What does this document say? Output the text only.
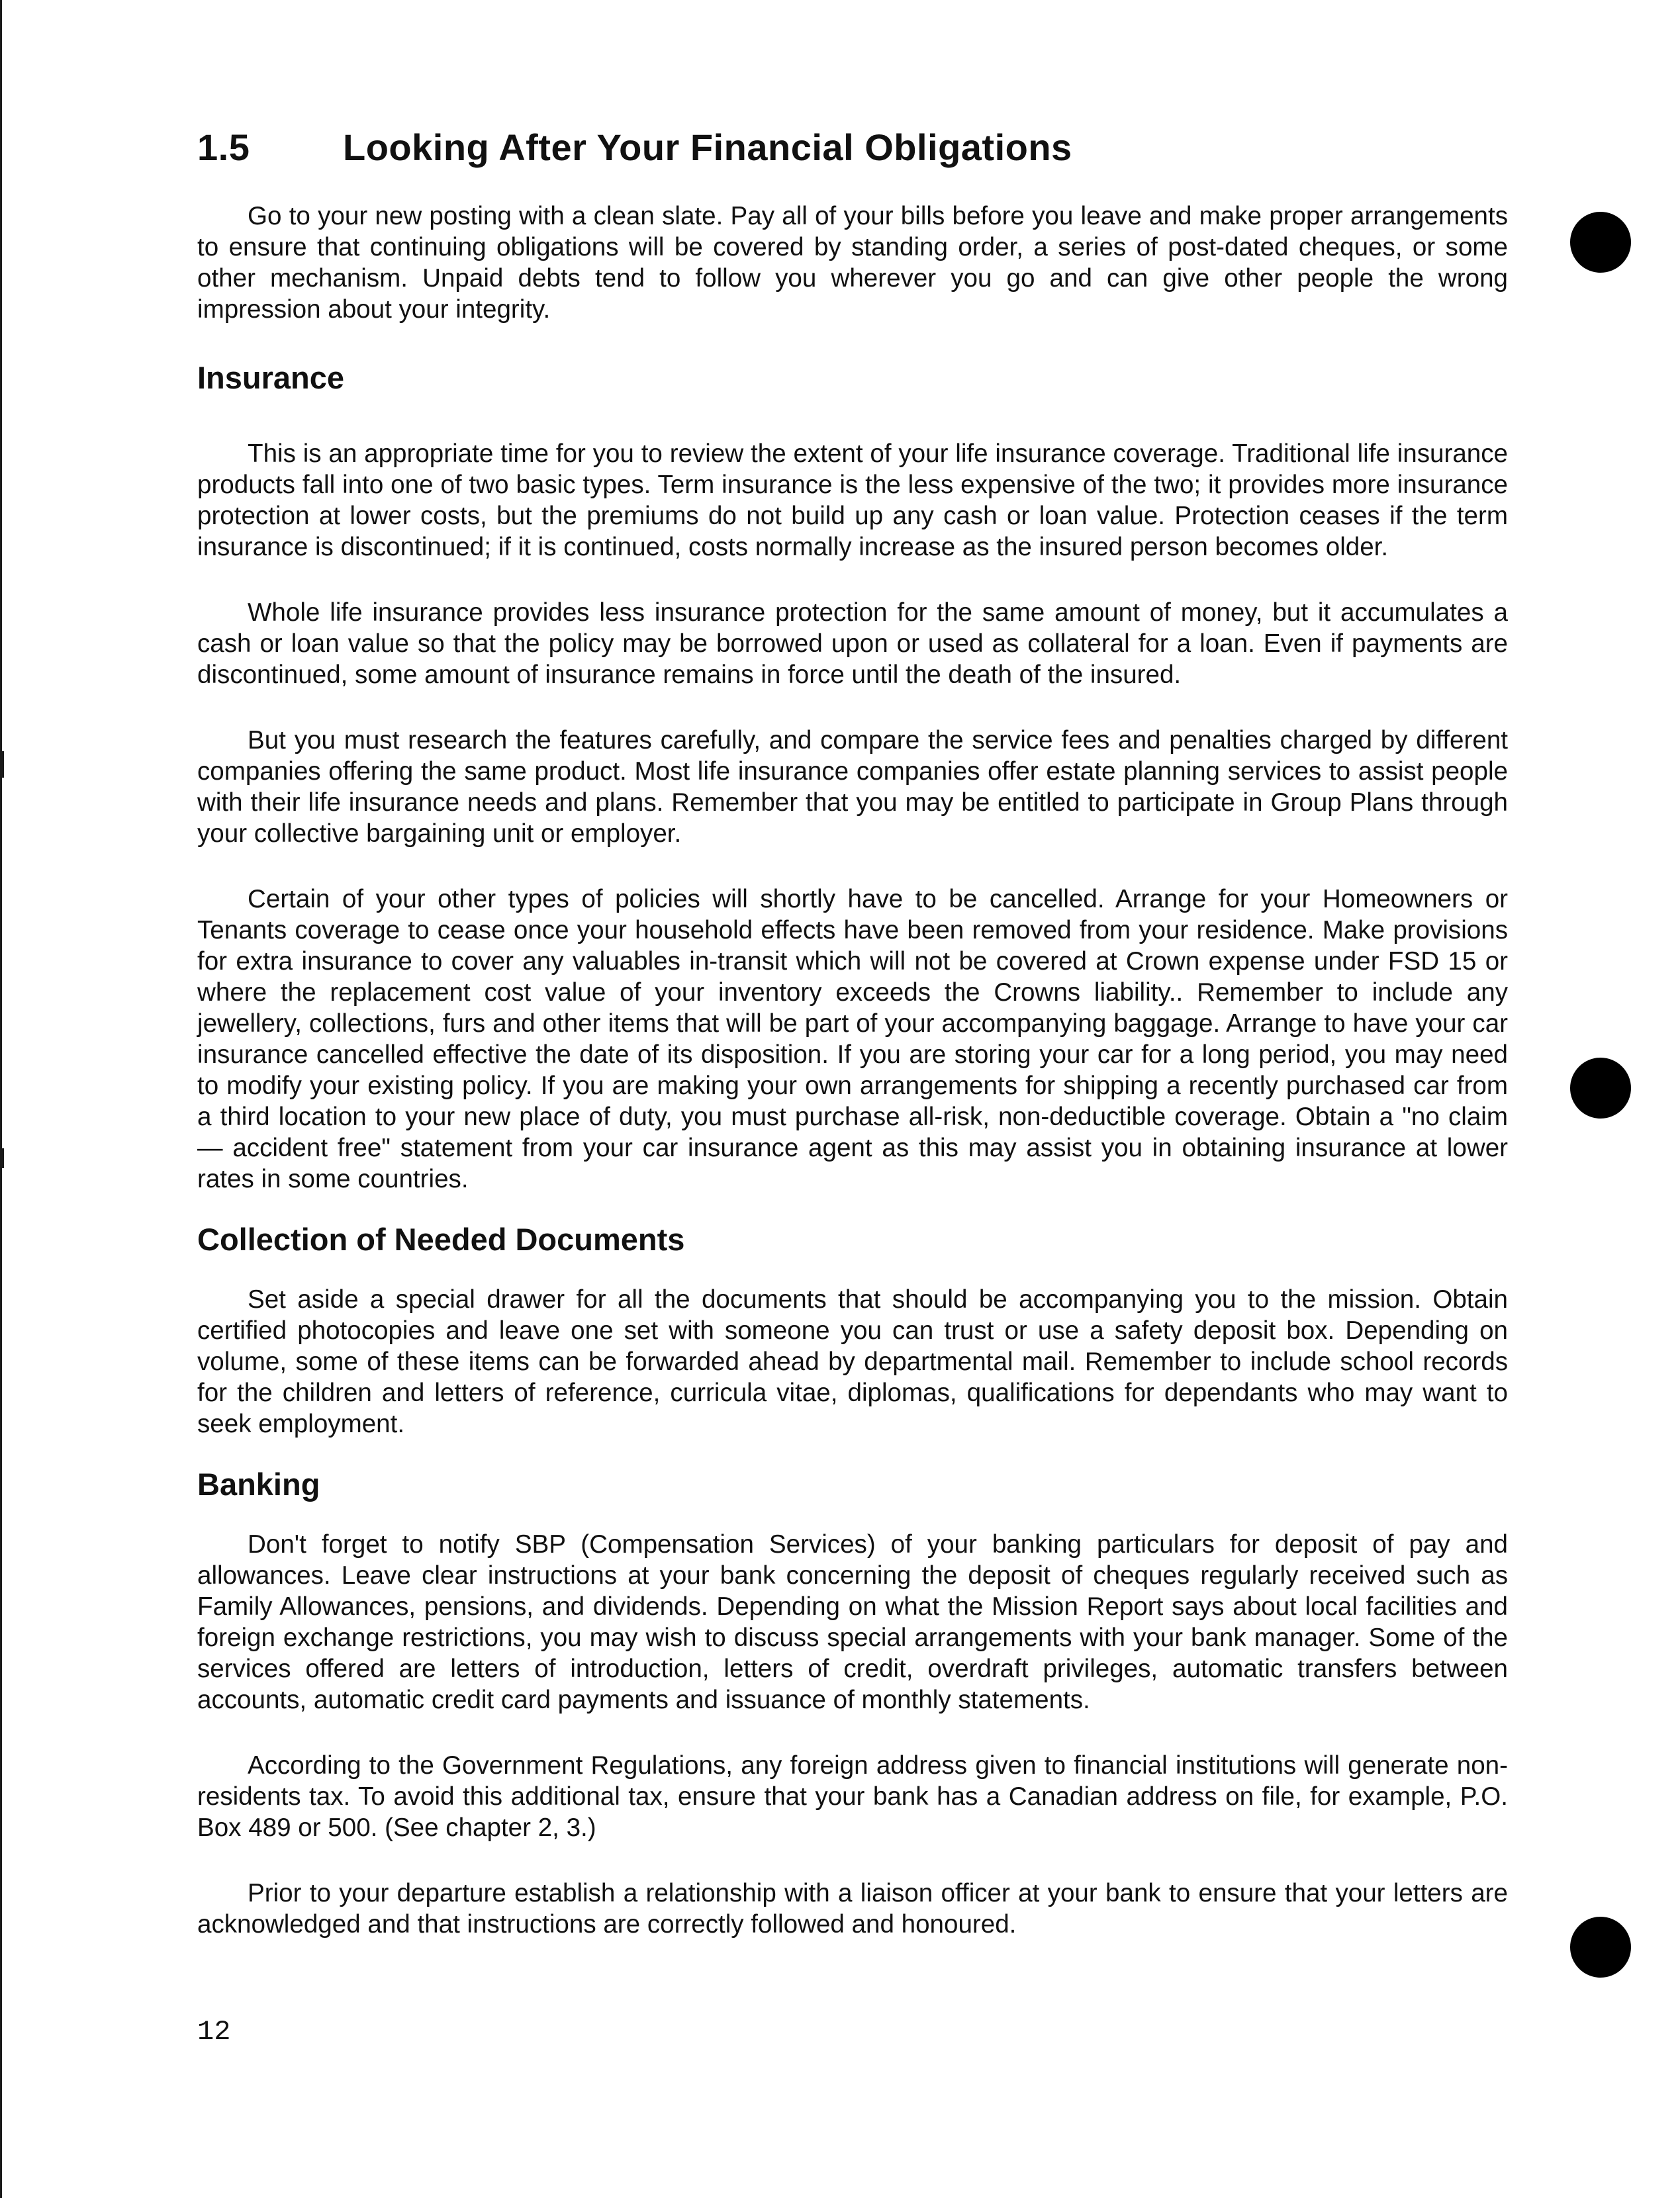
1.5	Looking After Your Financial Obligations

Go to your new posting with a clean slate. Pay all of your bills before you leave and make proper arrangements to ensure that continuing obligations will be covered by standing order, a series of post-dated cheques, or some other mechanism. Unpaid debts tend to follow you wherever you go and can give other people the wrong impression about your integrity.

Insurance

This is an appropriate time for you to review the extent of your life insurance coverage. Traditional life insurance products fall into one of two basic types. Term insurance is the less expensive of the two; it provides more insurance protection at lower costs, but the premiums do not build up any cash or loan value. Protection ceases if the term insurance is discontinued; if it is continued, costs normally increase as the insured person becomes older.

Whole life insurance provides less insurance protection for the same amount of money, but it accumulates a cash or loan value so that the policy may be borrowed upon or used as collateral for a loan. Even if payments are discontinued, some amount of insurance remains in force until the death of the insured.

But you must research the features carefully, and compare the service fees and penalties charged by different companies offering the same product. Most life insurance companies offer estate planning services to assist people with their life insurance needs and plans. Remember that you may be entitled to participate in Group Plans through your collective bargaining unit or employer.

Certain of your other types of policies will shortly have to be cancelled. Arrange for your Homeowners or Tenants coverage to cease once your household effects have been removed from your residence. Make provisions for extra insurance to cover any valuables in-transit which will not be covered at Crown expense under FSD 15 or where the replacement cost value of your inventory exceeds the Crowns liability.. Remember to include any jewellery, collections, furs and other items that will be part of your accompanying baggage. Arrange to have your car insurance cancelled effective the date of its disposition. If you are storing your car for a long period, you may need to modify your existing policy. If you are making your own arrangements for shipping a recently purchased car from a third location to your new place of duty, you must purchase all-risk, non-deductible coverage. Obtain a "no claim — accident free" statement from your car insurance agent as this may assist you in obtaining insurance at lower rates in some countries.

Collection of Needed Documents

Set aside a special drawer for all the documents that should be accompanying you to the mission. Obtain certified photocopies and leave one set with someone you can trust or use a safety deposit box. Depending on volume, some of these items can be forwarded ahead by departmental mail. Remember to include school records for the children and letters of reference, curricula vitae, diplomas, qualifications for dependants who may want to seek employment.

Banking

Don't forget to notify SBP (Compensation Services) of your banking particulars for deposit of pay and allowances. Leave clear instructions at your bank concerning the deposit of cheques regularly received such as Family Allowances, pensions, and dividends. Depending on what the Mission Report says about local facilities and foreign exchange restrictions, you may wish to discuss special arrangements with your bank manager. Some of the services offered are letters of introduction, letters of credit, overdraft privileges, automatic transfers between accounts, automatic credit card payments and issuance of monthly statements.

According to the Government Regulations, any foreign address given to financial institutions will generate non-residents tax. To avoid this additional tax, ensure that your bank has a Canadian address on file, for example, P.O. Box 489 or 500. (See chapter 2, 3.)

Prior to your departure establish a relationship with a liaison officer at your bank to ensure that your letters are acknowledged and that instructions are correctly followed and honoured.

12
